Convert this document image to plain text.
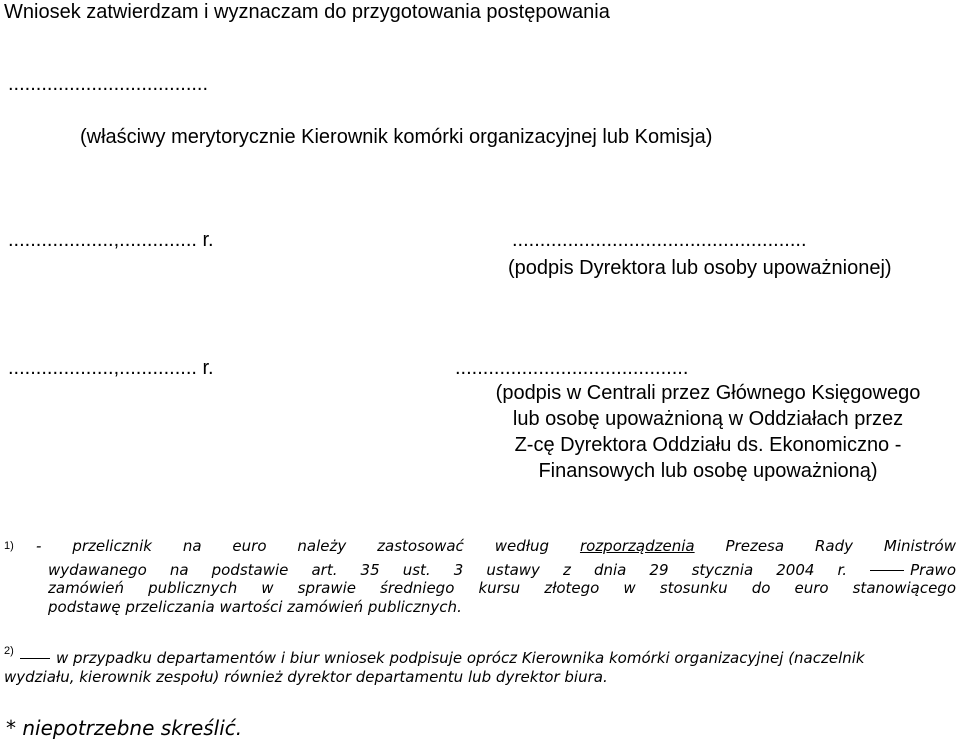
Wniosek zatwierdzam i wyznaczam do przygotowania postępowania
....................................
(właściwy merytorycznie Kierownik komórki organizacyjnej lub Komisja)
...................,.............. r.	.....................................................
(podpis Dyrektora lub osoby upoważnionej)
...................,.............. r.	..........................................
(podpis w Centrali przez Głównego Księgowego
lub osobę upoważnioną w Oddziałach przez
Z-cę Dyrektora Oddziału ds. Ekonomiczno -
Finansowych lub osobę upoważnioną)
1) - przelicznik na euro należy zastosować według rozporządzenia Prezesa Rady Ministrów
wydawanego na podstawie art. 35 ust. 3 ustawy z dnia 29 stycznia 2004 r.	Prawo
zamówień publicznych w sprawie średniego kursu złotego w stosunku do euro stanowiącego
podstawę przeliczania wartości zamówień publicznych.
2)	w przypadku departamentów i biur wniosek podpisuje oprócz Kierownika komórki organizacyjnej (naczelnik
wydziału, kierownik zespołu) również dyrektor departamentu lub dyrektor biura.
* niepotrzebne skreślić.
